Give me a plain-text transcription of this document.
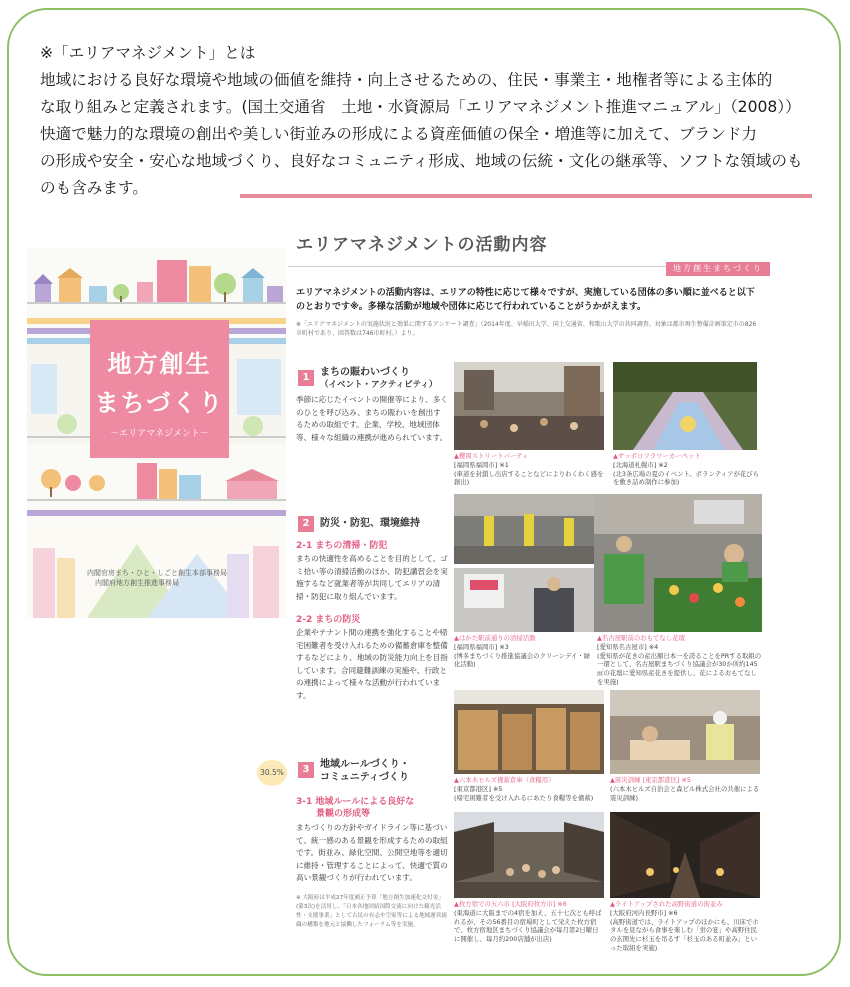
※「エリアマネジメント」とは

地域における良好な環境や地域の価値を維持・向上させるための、住民・事業主・地権者等による主体的

な取り組みと定義されます。(国土交通省　土地・水資源局「エリアマネジメント推進マニュアル」（2008））

快適で魅力的な環境の創出や美しい街並みの形成による資産価値の保全・増進等に加えて、ブランド力

の形成や安全・安心な地域づくり、良好なコミュニティ形成、地域の伝統・文化の継承等、ソフトな領域のも

のも含みます。

地方創生
まちづくり
－エリアマネジメント－
内閣官房まち・ひと・しごと創生本部事務局
内閣府地方創生推進事務局
エリアマネジメントの活動内容
地方創生まちづくり
エリアマネジメントの活動内容は、エリアの特性に応じて様々ですが、実施している団体の多い順に並べると以下のとおりです※。多様な活動が地域や団体に応じて行われていることがうかがえます。
※「エリアマネジメントの実施状況と効果に関するアンケート調査」（2014年度、早稲田大学、国土交通省、和歌山大学の共同調査。対象は都市再生整備計画策定市の826市町村であり、回答数は746市町村。）より。
1	まちの賑わいづくり
（イベント・アクティビティ）
季節に応じたイベントの開催等により、多くのひとを呼び込み、まちの賑わいを創出するための取組です。企業、学校、地域団体等、様々な組織の連携が進められています。
▲櫻岡ストリートパーティ
[福岡県福岡市] ※1
(車道を封鎖し出店することなどによりわくわく感を創出)
▲サッポロフラワーカーペット
[北海道札幌市] ※2
(北3条広場の夏のイベント。ボランティアが花びらを敷き詰め制作に参加)
2	防災・防犯、環境維持
2-1 まちの清掃・防犯
まちの快適性を高めることを目的として、ゴミ拾い等の清掃活動のほか、防犯講習会を実施するなど就業者等が共同してエリアの清掃・防犯に取り組んでいます。
2-2 まちの防災
企業やテナント間の連携を強化することや帰宅困難者を受け入れるための備蓄倉庫を整備するなどにより、地域の防災能力向上を目指しています。合同避難訓練の実施や、行政との連携によって様々な活動が行われています。
▲はかた駅前通りの清掃活動
[福岡県福岡市] ※3
(博多まちづくり推進協議会のクリーンデイ・緑化活動)
▲名古屋駅前のおもてなし花壇
[愛知県名古屋市] ※4
(愛知県が花きの産出額日本一を誇ることをPRする取組の一環として、名古屋駅まちづくり協議会が30か所約145㎡の花壇に愛知県産花きを提供し、花によるおもてなしを実施)
▲六本木ヒルズ備蓄倉庫（食糧用）
[東京都港区] ※5
(帰宅困難者を受け入れるにあたり食糧等を備蓄)
▲震災訓練 [東京都港区] ※5
(六本木ヒルズ自治会と森ビル株式会社の共催による震災訓練)
3	地域ルールづくり・
コミュニティづくり
3-1 地域ルールによる良好な
景観の形成等
まちづくりの方針やガイドライン等に基づいて、統一感のある景観を形成するための取組です。街並み、緑化空間、公開空地等を適切に維持・管理することによって、快適で質の高い景観づくりが行われています。
※ 大阪府は平成27年度補正予算「地方創生加速化交付金」(第3次)を活用し、「日本各地団結国際交流に向けた観光活性・支援事業」として古民の有志や空家等による地域運営組織の構築を地元と協働したフォーラム等を実施。
▲枚方宿での五六市 [大阪府枚方市] ※6
(東海道に大阪までの4宿を加え、五十七次とも呼ばれるが、その56番目の宿場町として栄えた枚方宿で、枚方宿地区まちづくり協議会が毎月第2日曜日に開催し、毎月約200店舗が出店)
▲ライトアップされた高野街道の街並み
[大阪府河内長野市] ※6
(高野街道では、ライトアップのほかにも、川床でホタルを見ながら食事を楽しむ「蛍の宴」や高野住民の玄関先に杉玉を吊るす「杉玉のある町並み」といった取組を実施)
30.5%
